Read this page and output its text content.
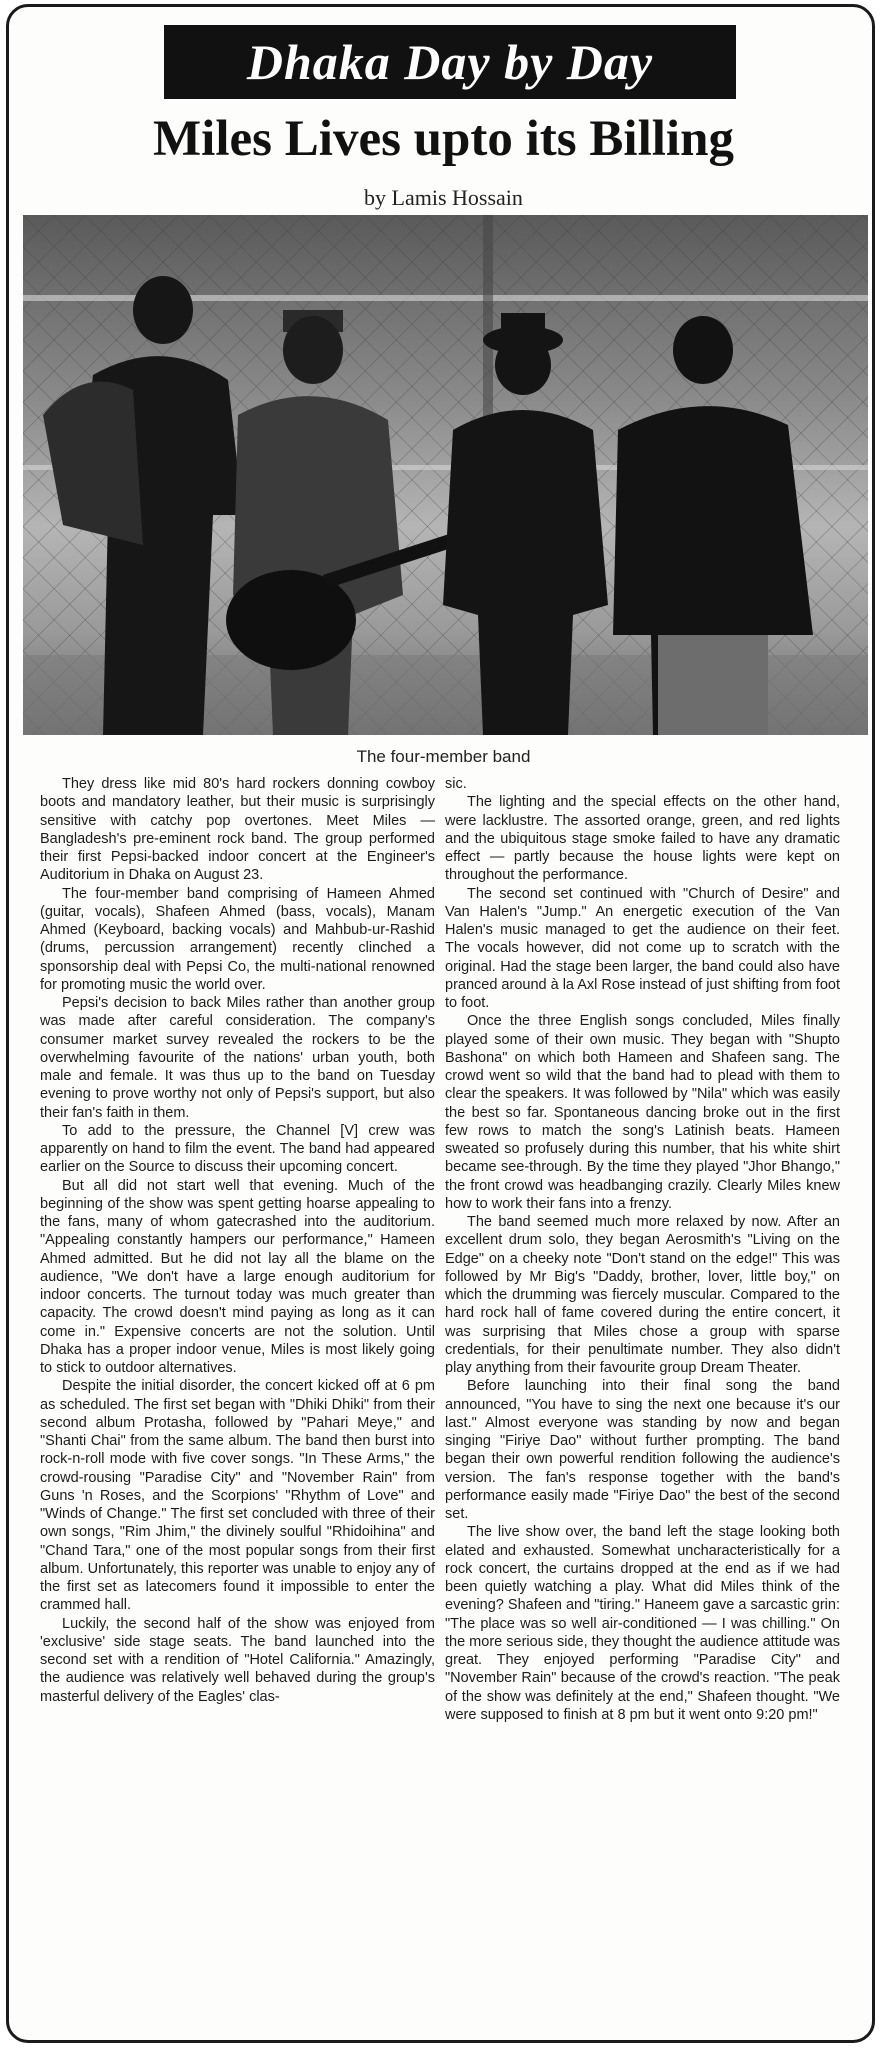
Dhaka Day by Day
Miles Lives upto its Billing
by Lamis Hossain
The four-member band

They dress like mid 80's hard rockers donning cowboy boots and mandatory leather, but their music is surprisingly sensitive with catchy pop overtones. Meet Miles — Bangladesh's pre-eminent rock band. The group performed their first Pepsi-backed indoor concert at the Engineer's Auditorium in Dhaka on August 23.

The four-member band comprising of Hameen Ahmed (guitar, vocals), Shafeen Ahmed (bass, vocals), Manam Ahmed (Keyboard, backing vocals) and Mahbub-ur-Rashid (drums, percussion arrangement) recently clinched a sponsorship deal with Pepsi Co, the multi-national renowned for promoting music the world over.

Pepsi's decision to back Miles rather than another group was made after careful consideration. The company's consumer market survey revealed the rockers to be the overwhelming favourite of the nations' urban youth, both male and female. It was thus up to the band on Tuesday evening to prove worthy not only of Pepsi's support, but also their fan's faith in them.

To add to the pressure, the Channel [V] crew was apparently on hand to film the event. The band had appeared earlier on the Source to discuss their upcoming concert.

But all did not start well that evening. Much of the beginning of the show was spent getting hoarse appealing to the fans, many of whom gatecrashed into the auditorium. "Appealing constantly hampers our performance," Hameen Ahmed admitted. But he did not lay all the blame on the audience, "We don't have a large enough auditorium for indoor concerts. The turnout today was much greater than capacity. The crowd doesn't mind paying as long as it can come in." Expensive concerts are not the solution. Until Dhaka has a proper indoor venue, Miles is most likely going to stick to outdoor alternatives.

Despite the initial disorder, the concert kicked off at 6 pm as scheduled. The first set began with "Dhiki Dhiki" from their second album Protasha, followed by "Pahari Meye," and "Shanti Chai" from the same album. The band then burst into rock-n-roll mode with five cover songs. "In These Arms," the crowd-rousing "Paradise City" and "November Rain" from Guns 'n Roses, and the Scorpions' "Rhythm of Love" and "Winds of Change." The first set concluded with three of their own songs, "Rim Jhim," the divinely soulful "Rhidoihina" and "Chand Tara," one of the most popular songs from their first album. Unfortunately, this reporter was unable to enjoy any of the first set as latecomers found it impossible to enter the crammed hall.

Luckily, the second half of the show was enjoyed from 'exclusive' side stage seats. The band launched into the second set with a rendition of "Hotel California." Amazingly, the audience was relatively well behaved during the group's masterful delivery of the Eagles' clas-

sic.

The lighting and the special effects on the other hand, were lacklustre. The assorted orange, green, and red lights and the ubiquitous stage smoke failed to have any dramatic effect — partly because the house lights were kept on throughout the performance.

The second set continued with "Church of Desire" and Van Halen's "Jump." An energetic execution of the Van Halen's music managed to get the audience on their feet. The vocals however, did not come up to scratch with the original. Had the stage been larger, the band could also have pranced around à la Axl Rose instead of just shifting from foot to foot.

Once the three English songs concluded, Miles finally played some of their own music. They began with "Shupto Bashona" on which both Hameen and Shafeen sang. The crowd went so wild that the band had to plead with them to clear the speakers. It was followed by "Nila" which was easily the best so far. Spontaneous dancing broke out in the first few rows to match the song's Latinish beats. Hameen sweated so profusely during this number, that his white shirt became see-through. By the time they played "Jhor Bhango," the front crowd was headbanging crazily. Clearly Miles knew how to work their fans into a frenzy.

The band seemed much more relaxed by now. After an excellent drum solo, they began Aerosmith's "Living on the Edge" on a cheeky note "Don't stand on the edge!" This was followed by Mr Big's "Daddy, brother, lover, little boy," on which the drumming was fiercely muscular. Compared to the hard rock hall of fame covered during the entire concert, it was surprising that Miles chose a group with sparse credentials, for their penultimate number. They also didn't play anything from their favourite group Dream Theater.

Before launching into their final song the band announced, "You have to sing the next one because it's our last." Almost everyone was standing by now and began singing "Firiye Dao" without further prompting. The band began their own powerful rendition following the audience's version. The fan's response together with the band's performance easily made "Firiye Dao" the best of the second set.

The live show over, the band left the stage looking both elated and exhausted. Somewhat uncharacteristically for a rock concert, the curtains dropped at the end as if we had been quietly watching a play. What did Miles think of the evening? Shafeen and "tiring." Haneem gave a sarcastic grin: "The place was so well air-conditioned — I was chilling." On the more serious side, they thought the audience attitude was great. They enjoyed performing "Paradise City" and "November Rain" because of the crowd's reaction. "The peak of the show was definitely at the end," Shafeen thought. "We were supposed to finish at 8 pm but it went onto 9:20 pm!"
